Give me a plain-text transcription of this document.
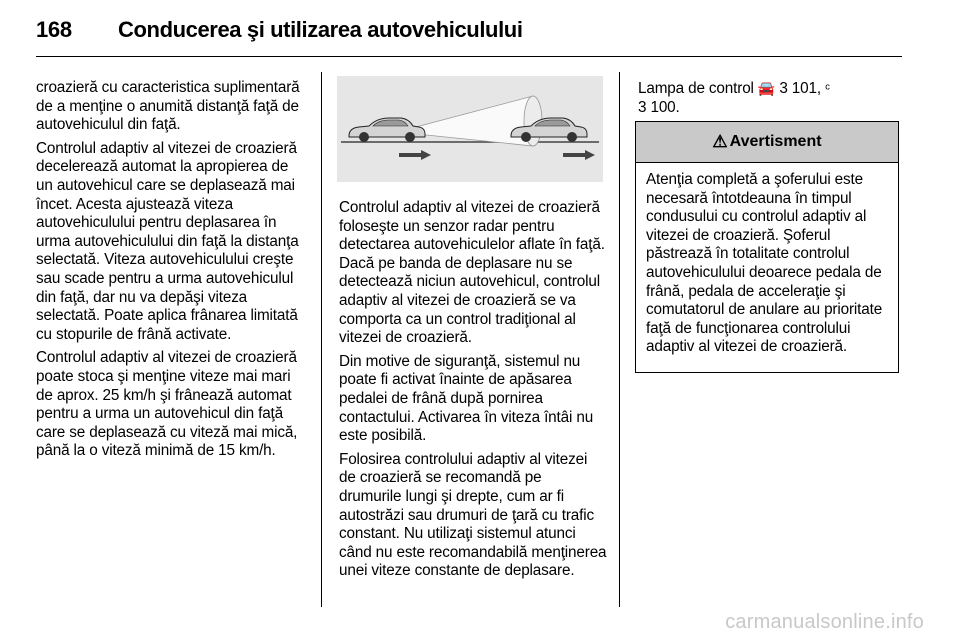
168 Conducerea şi utilizarea autovehiculului

croazieră cu caracteristica suplimentară de a menţine o anumită distanţă faţă de autovehiculul din faţă.

Controlul adaptiv al vitezei de croazieră decelerează automat la apropierea de un autovehicul care se deplasează mai încet. Acesta ajustează viteza autovehiculului pentru deplasarea în urma autovehiculului din faţă la distanţa selectată. Viteza autovehiculului creşte sau scade pentru a urma autovehiculul din faţă, dar nu va depăşi viteza selectată. Poate aplica frânarea limitată cu stopurile de frână activate.

Controlul adaptiv al vitezei de croazieră poate stoca şi menţine viteze mai mari de aprox. 25 km/h şi frânează automat pentru a urma un autovehicul din faţă care se deplasează cu viteză mai mică, până la o viteză minimă de 15 km/h.

Controlul adaptiv al vitezei de croazieră foloseşte un senzor radar pentru detectarea autovehiculelor aflate în faţă. Dacă pe banda de deplasare nu se detectează niciun autovehicul, controlul adaptiv al vitezei de croazieră se va comporta ca un control tradiţional al vitezei de croazieră.

Din motive de siguranţă, sistemul nu poate fi activat înainte de apăsarea pedalei de frână după pornirea contactului. Activarea în viteza întâi nu este posibilă.

Folosirea controlului adaptiv al vitezei de croazieră se recomandă pe drumurile lungi şi drepte, cum ar fi autostrăzi sau drumuri de ţară cu trafic constant. Nu utilizaţi sistemul atunci când nu este recomandabilă menţinerea unei viteze constante de deplasare.

Lampa de control 🚘 3 101, ᶜ
3 100.

⚠ Avertisment
Atenţia completă a şoferului este necesară întotdeauna în timpul condusului cu controlul adaptiv al vitezei de croazieră. Şoferul păstrează în totalitate controlul autovehiculului deoarece pedala de frână, pedala de acceleraţie şi comutatorul de anulare au prioritate faţă de funcţionarea controlului adaptiv al vitezei de croazieră.
carmanualsonline.info
